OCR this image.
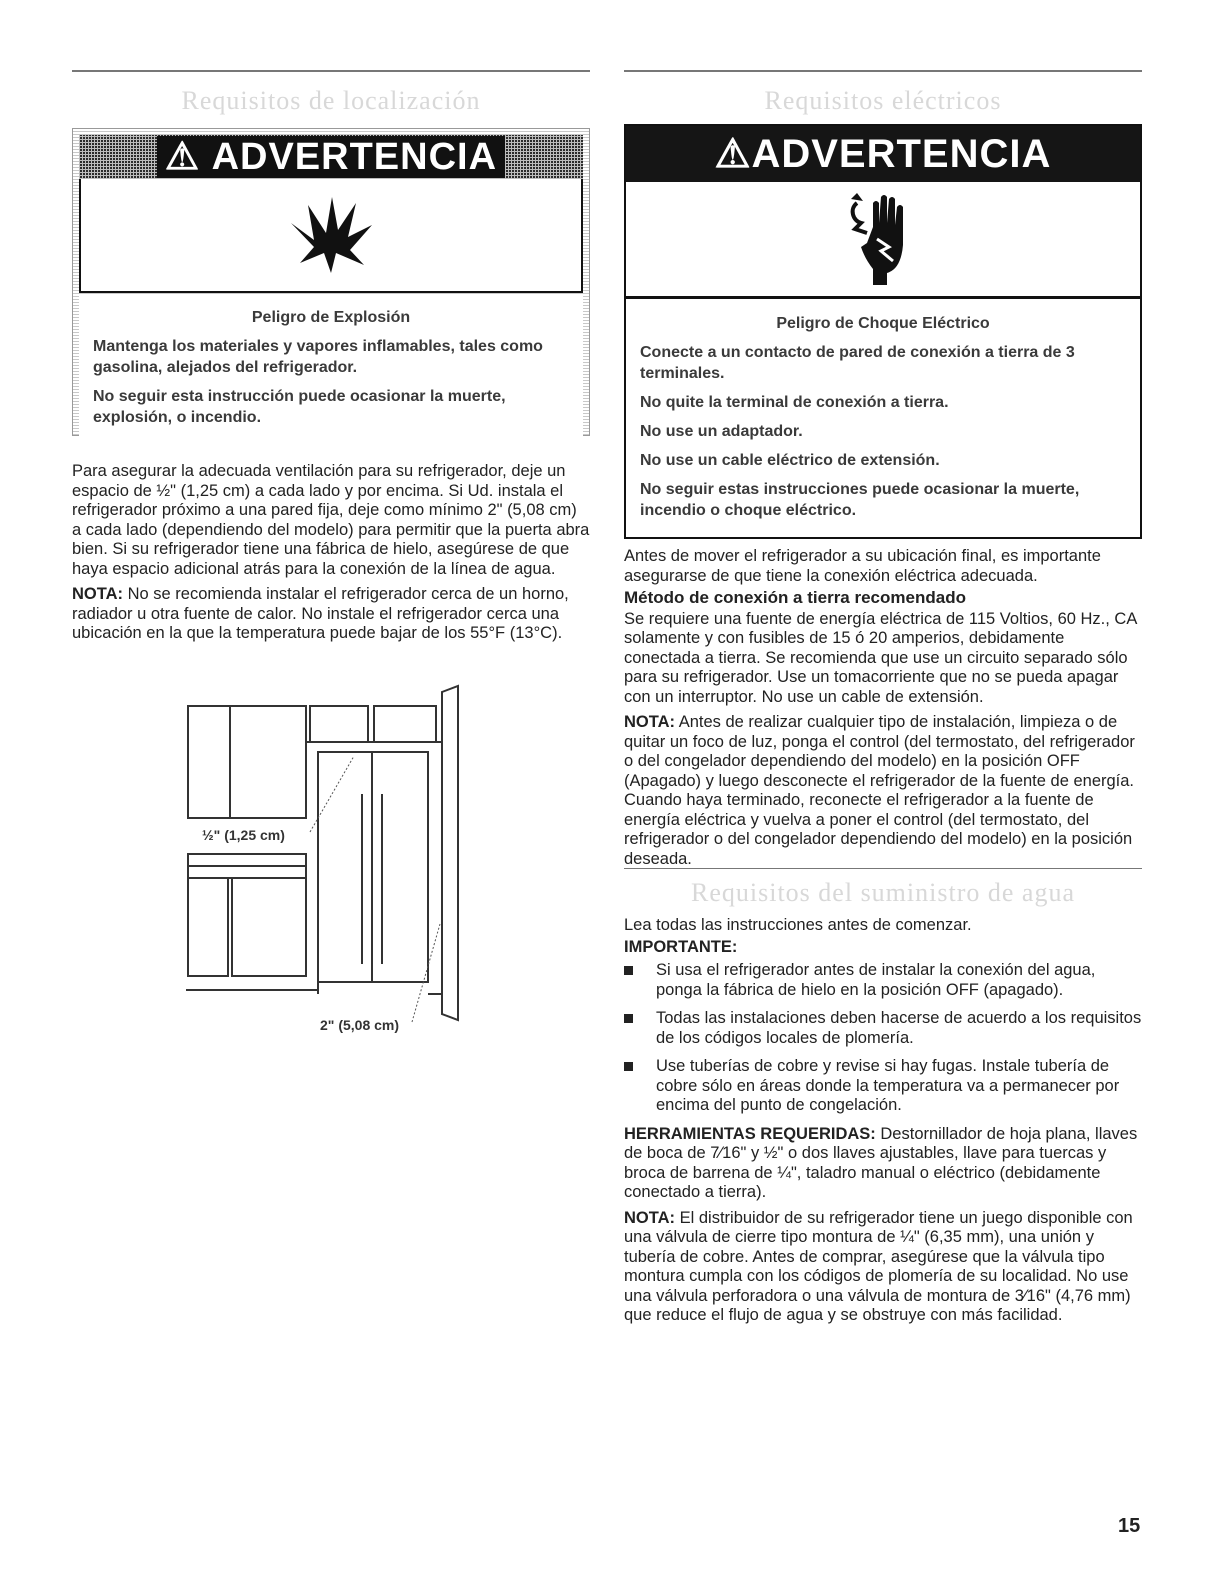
Requisitos de localización
⚠ ADVERTENCIA
Peligro de Explosión

Mantenga los materiales y vapores inflamables, tales como gasolina, alejados del refrigerador.

No seguir esta instrucción puede ocasionar la muerte, explosión, o incendio.

Para asegurar la adecuada ventilación para su refrigerador, deje un espacio de ½" (1,25 cm) a cada lado y por encima. Si Ud. instala el refrigerador próximo a una pared fija, deje como mínimo 2" (5,08 cm) a cada lado (dependiendo del modelo) para permitir que la puerta abra bien. Si su refrigerador tiene una fábrica de hielo, asegúrese de que haya espacio adicional atrás para la conexión de la línea de agua.

NOTA: No se recomienda instalar el refrigerador cerca de un horno, radiador u otra fuente de calor. No instale el refrigerador cerca una ubicación en la que la temperatura puede bajar de los 55°F (13°C).

½" (1,25 cm)
2" (5,08 cm)
Requisitos eléctricos
⚠ADVERTENCIA
Peligro de Choque Eléctrico

Conecte a un contacto de pared de conexión a tierra de 3 terminales.

No quite la terminal de conexión a tierra.

No use un adaptador.

No use un cable eléctrico de extensión.

No seguir estas instrucciones puede ocasionar la muerte, incendio o choque eléctrico.

Antes de mover el refrigerador a su ubicación final, es importante asegurarse de que tiene la conexión eléctrica adecuada.

Método de conexión a tierra recomendado

Se requiere una fuente de energía eléctrica de 115 Voltios, 60 Hz., CA solamente y con fusibles de 15 ó 20 amperios, debidamente conectada a tierra. Se recomienda que use un circuito separado sólo para su refrigerador. Use un tomacorriente que no se pueda apagar con un interruptor. No use un cable de extensión.

NOTA: Antes de realizar cualquier tipo de instalación, limpieza o de quitar un foco de luz, ponga el control (del termostato, del refrigerador o del congelador dependiendo del modelo) en la posición OFF (Apagado) y luego desconecte el refrigerador de la fuente de energía. Cuando haya terminado, reconecte el refrigerador a la fuente de energía eléctrica y vuelva a poner el control (del termostato, del refrigerador o del congelador dependiendo del modelo) en la posición deseada.

Requisitos del suministro de agua

Lea todas las instrucciones antes de comenzar.

IMPORTANTE:
Si usa el refrigerador antes de instalar la conexión del agua, ponga la fábrica de hielo en la posición OFF (apagado).
Todas las instalaciones deben hacerse de acuerdo a los requisitos de los códigos locales de plomería.
Use tuberías de cobre y revise si hay fugas. Instale tubería de cobre sólo en áreas donde la temperatura va a permanecer por encima del punto de congelación.

HERRAMIENTAS REQUERIDAS: Destornillador de hoja plana, llaves de boca de 7⁄16" y ½" o dos llaves ajustables, llave para tuercas y broca de barrena de ¼", taladro manual o eléctrico (debidamente conectado a tierra).

NOTA: El distribuidor de su refrigerador tiene un juego disponible con una válvula de cierre tipo montura de ¼" (6,35 mm), una unión y tubería de cobre. Antes de comprar, asegúrese que la válvula tipo montura cumpla con los códigos de plomería de su localidad. No use una válvula perforadora o una válvula de montura de 3⁄16" (4,76 mm) que reduce el flujo de agua y se obstruye con más facilidad.

15
